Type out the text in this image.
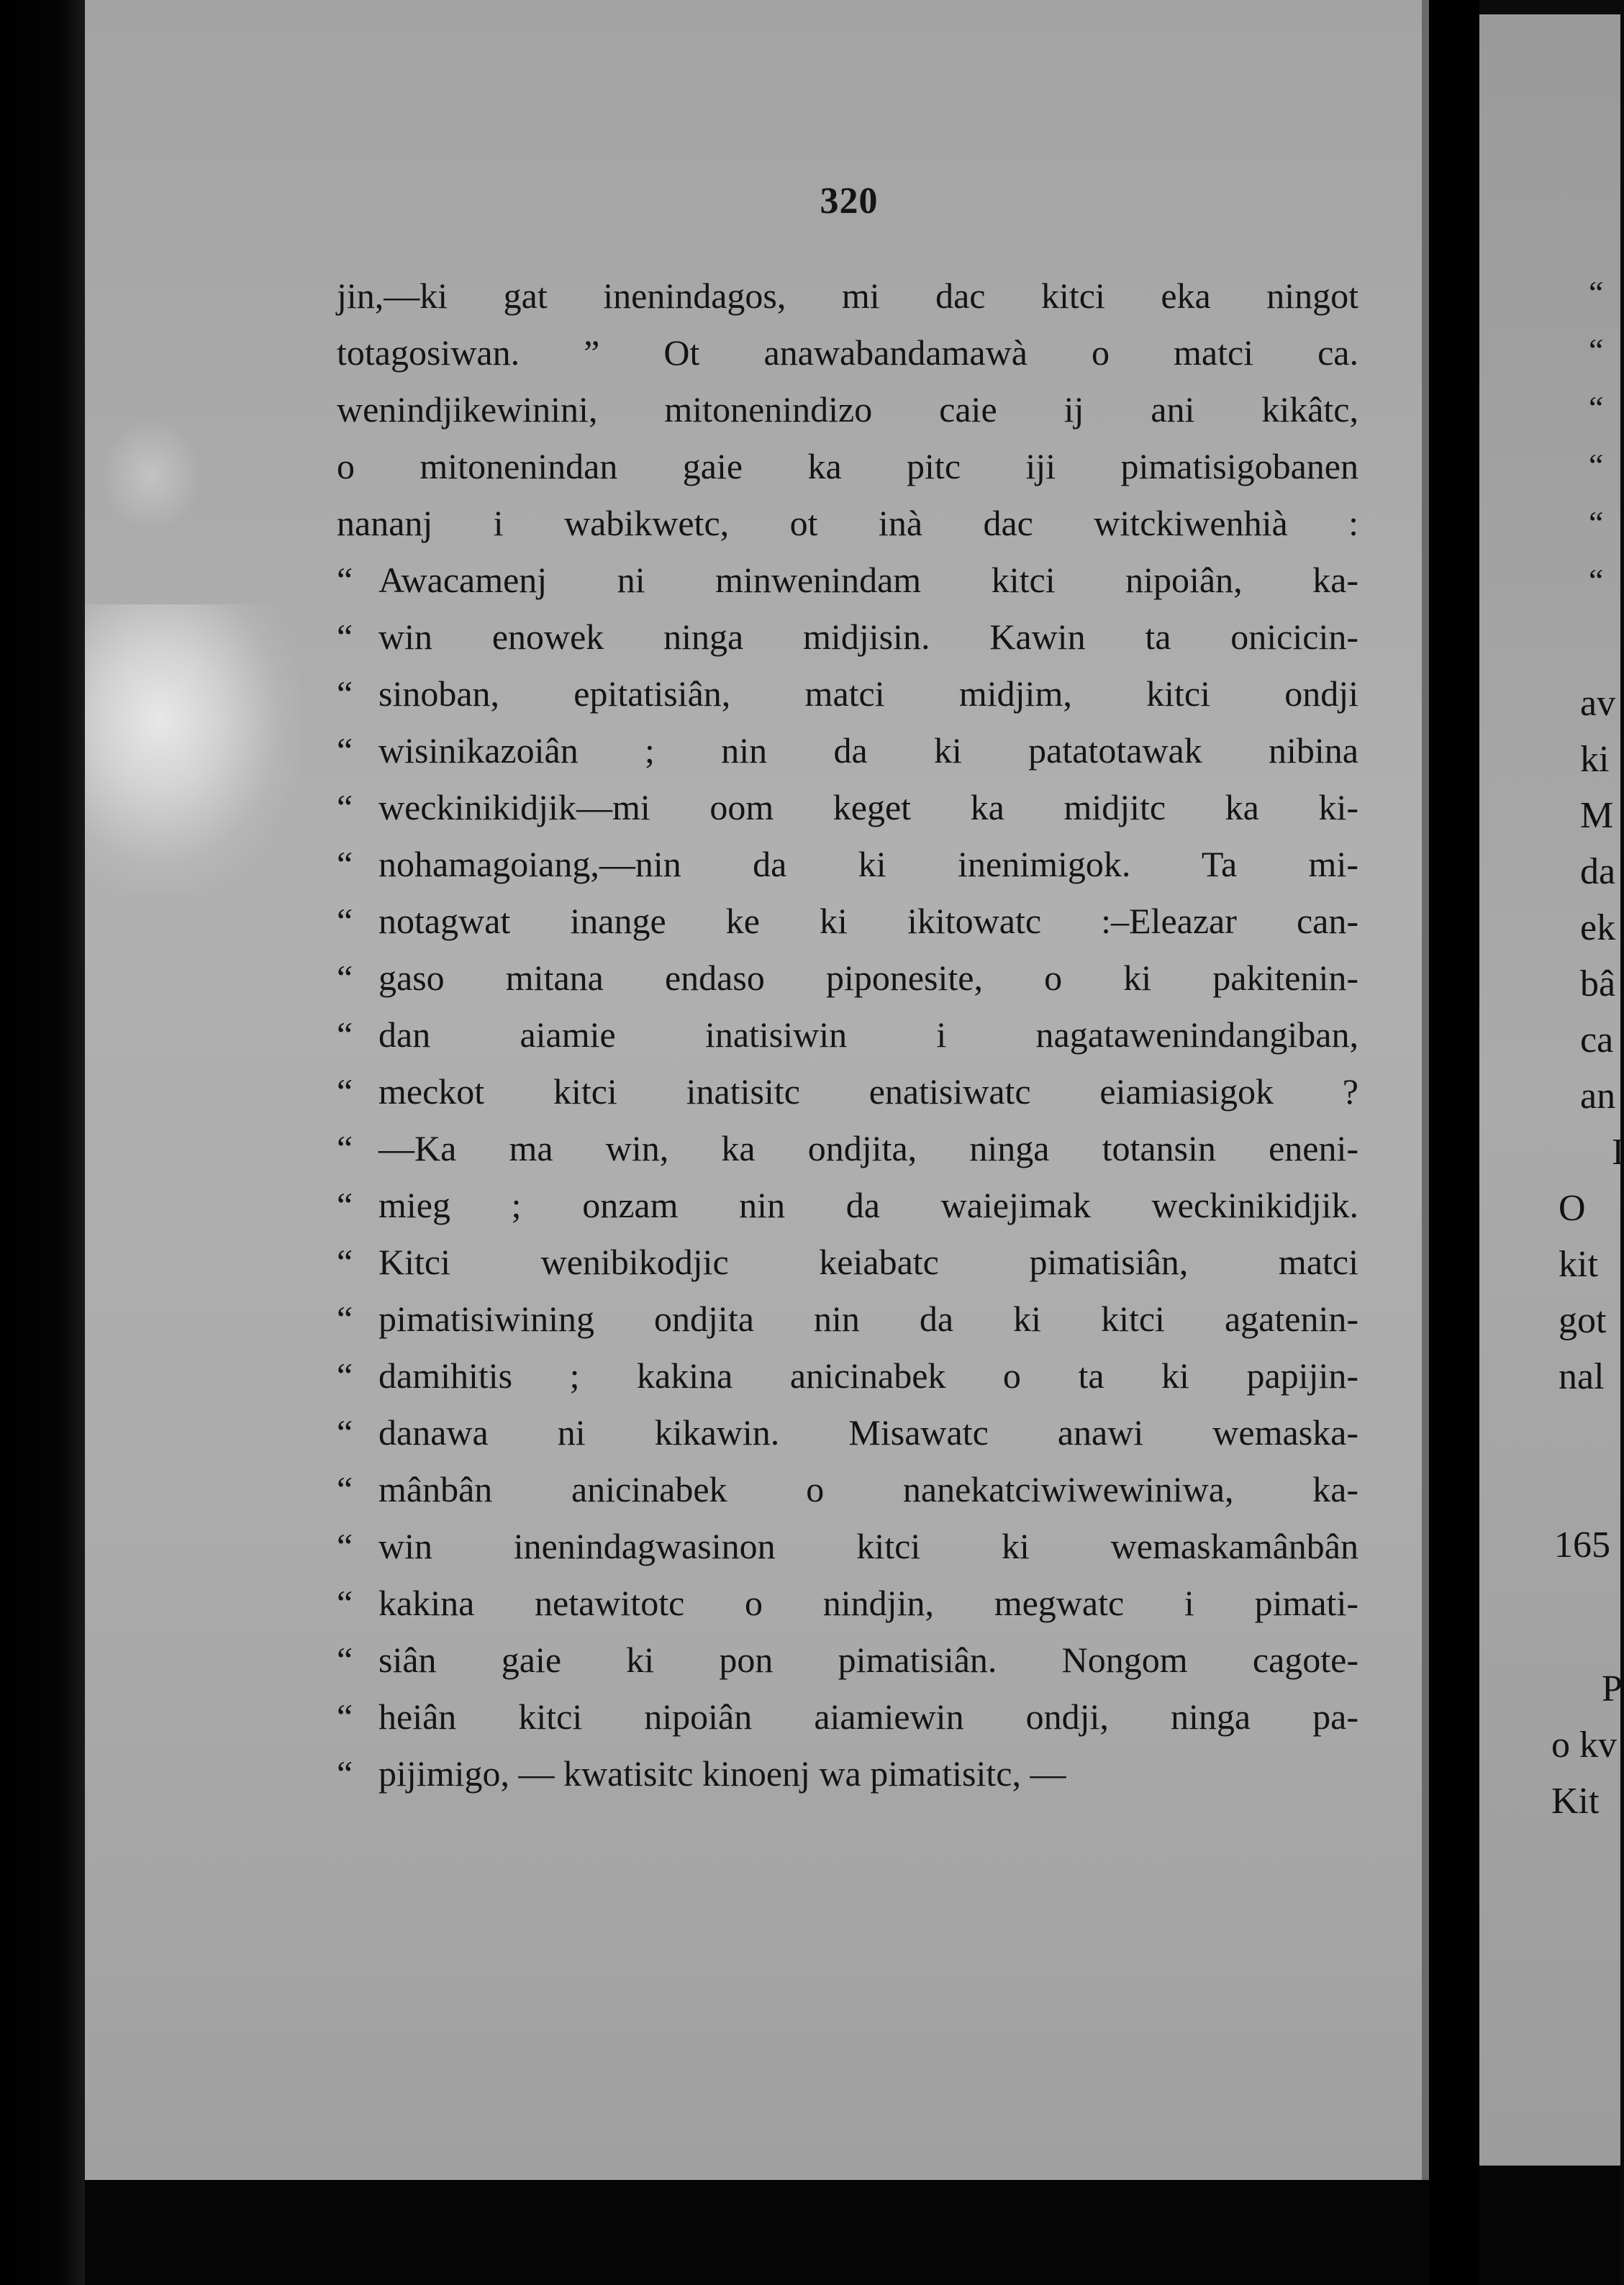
320
jin,—ki gat inenindagos, mi dac kitci eka ningot
totagosiwan. ” Ot anawabandamawà o matci ca.
wenindjikewinini, mitonenindizo caie ij ani kikâtc,
o mitonenindan gaie ka pitc iji pimatisigobanen
nananj i wabikwetc, ot inà dac witckiwenhià :
“ Awacamenj ni minwenindam kitci nipoiân, ka-
“ win enowek ninga midjisin. Kawin ta onicicin-
“ sinoban, epitatisiân, matci midjim, kitci ondji
“ wisinikazoiân ; nin da ki patatotawak nibina
“ weckinikidjik—mi oom keget ka midjitc ka ki-
“ nohamagoiang,—nin da ki inenimigok. Ta mi-
“ notagwat inange ke ki ikitowatc :–Eleazar can-
“ gaso mitana endaso piponesite, o ki pakitenin-
“ dan aiamie inatisiwin i nagatawenindangiban,
“ meckot kitci inatisitc enatisiwatc eiamiasigok ?
“ —Ka ma win, ka ondjita, ninga totansin eneni-
“ mieg ; onzam nin da waiejimak weckinikidjik.
“ Kitci wenibikodjic keiabatc pimatisiân, matci
“ pimatisiwining ondjita nin da ki kitci agatenin-
“ damihitis ; kakina anicinabek o ta ki papijin-
“ danawa ni kikawin. Misawatc anawi wemaska-
“ mânbân anicinabek o nanekatciwiwewiniwa, ka-
“ win inenindagwasinon kitci ki wemaskamânbân
“ kakina netawitotc o nindjin, megwatc i pimati-
“ siân gaie ki pon pimatisiân. Nongom cagote-
“ heiân kitci nipoiân aiamiewin ondji, ninga pa-
“ pijimigo, — kwatisitc kinoenj wa pimatisitc, —
“
“
“
“
“
“
av
ki
M
da
ek
bâ
ca
an
I
O
kit
got
nal
165
P
o kv
Kit
